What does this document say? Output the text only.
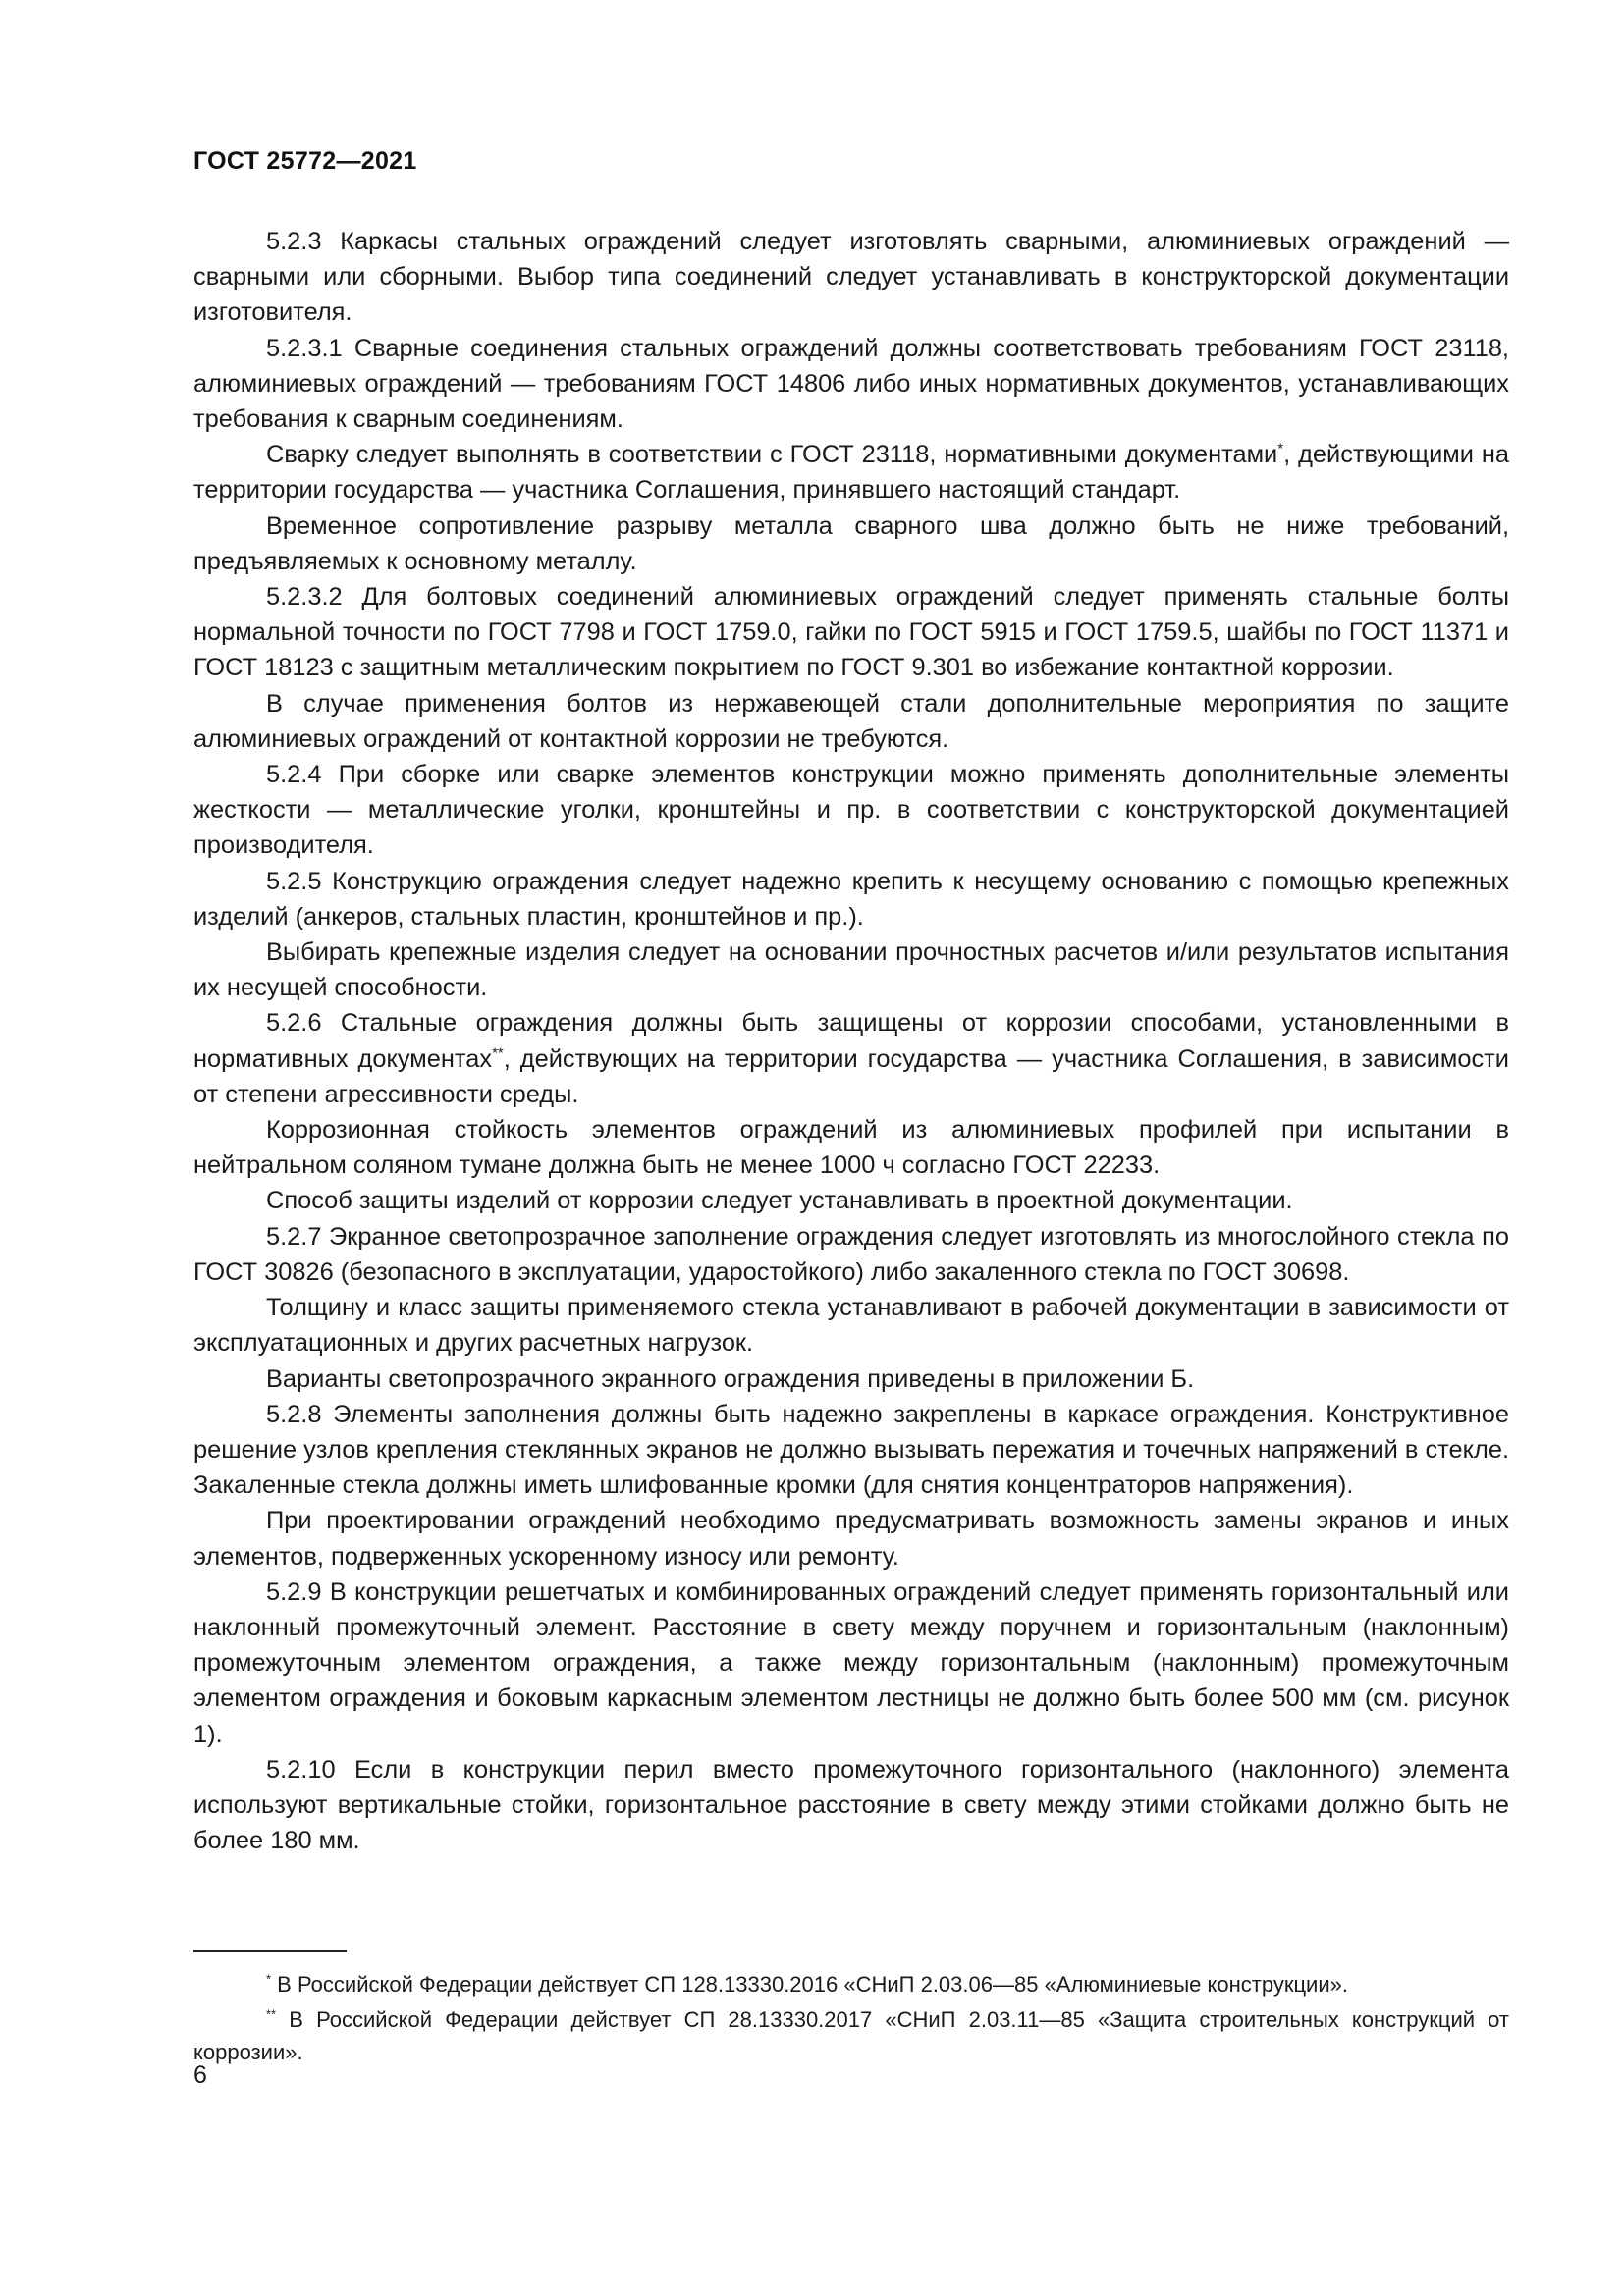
ГОСТ 25772—2021

5.2.3 Каркасы стальных ограждений следует изготовлять сварными, алюминиевых ограждений — сварными или сборными. Выбор типа соединений следует устанавливать в конструкторской документации изготовителя.

5.2.3.1 Сварные соединения стальных ограждений должны соответствовать требованиям ГОСТ 23118, алюминиевых ограждений — требованиям ГОСТ 14806 либо иных нормативных документов, устанавливающих требования к сварным соединениям.

Сварку следует выполнять в соответствии с ГОСТ 23118, нормативными документами*, действующими на территории государства — участника Соглашения, принявшего настоящий стандарт.

Временное сопротивление разрыву металла сварного шва должно быть не ниже требований, предъявляемых к основному металлу.

5.2.3.2 Для болтовых соединений алюминиевых ограждений следует применять стальные болты нормальной точности по ГОСТ 7798 и ГОСТ 1759.0, гайки по ГОСТ 5915 и ГОСТ 1759.5, шайбы по ГОСТ 11371 и ГОСТ 18123 с защитным металлическим покрытием по ГОСТ 9.301 во избежание контактной коррозии.

В случае применения болтов из нержавеющей стали дополнительные мероприятия по защите алюминиевых ограждений от контактной коррозии не требуются.

5.2.4 При сборке или сварке элементов конструкции можно применять дополнительные элементы жесткости — металлические уголки, кронштейны и пр. в соответствии с конструкторской документацией производителя.

5.2.5 Конструкцию ограждения следует надежно крепить к несущему основанию с помощью крепежных изделий (анкеров, стальных пластин, кронштейнов и пр.).

Выбирать крепежные изделия следует на основании прочностных расчетов и/или результатов испытания их несущей способности.

5.2.6 Стальные ограждения должны быть защищены от коррозии способами, установленными в нормативных документах**, действующих на территории государства — участника Соглашения, в зависимости от степени агрессивности среды.

Коррозионная стойкость элементов ограждений из алюминиевых профилей при испытании в нейтральном соляном тумане должна быть не менее 1000 ч согласно ГОСТ 22233.

Способ защиты изделий от коррозии следует устанавливать в проектной документации.

5.2.7 Экранное светопрозрачное заполнение ограждения следует изготовлять из многослойного стекла по ГОСТ 30826 (безопасного в эксплуатации, ударостойкого) либо закаленного стекла по ГОСТ 30698.

Толщину и класс защиты применяемого стекла устанавливают в рабочей документации в зависимости от эксплуатационных и других расчетных нагрузок.

Варианты светопрозрачного экранного ограждения приведены в приложении Б.

5.2.8 Элементы заполнения должны быть надежно закреплены в каркасе ограждения. Конструктивное решение узлов крепления стеклянных экранов не должно вызывать пережатия и точечных напряжений в стекле. Закаленные стекла должны иметь шлифованные кромки (для снятия концентраторов напряжения).

При проектировании ограждений необходимо предусматривать возможность замены экранов и иных элементов, подверженных ускоренному износу или ремонту.

5.2.9 В конструкции решетчатых и комбинированных ограждений следует применять горизонтальный или наклонный промежуточный элемент. Расстояние в свету между поручнем и горизонтальным (наклонным) промежуточным элементом ограждения, а также между горизонтальным (наклонным) промежуточным элементом ограждения и боковым каркасным элементом лестницы не должно быть более 500 мм (см. рисунок 1).

5.2.10 Если в конструкции перил вместо промежуточного горизонтального (наклонного) элемента используют вертикальные стойки, горизонтальное расстояние в свету между этими стойками должно быть не более 180 мм.

* В Российской Федерации действует СП 128.13330.2016 «СНиП 2.03.06—85 «Алюминиевые конструкции».

** В Российской Федерации действует СП 28.13330.2017 «СНиП 2.03.11—85 «Защита строительных конструкций от коррозии».

6
